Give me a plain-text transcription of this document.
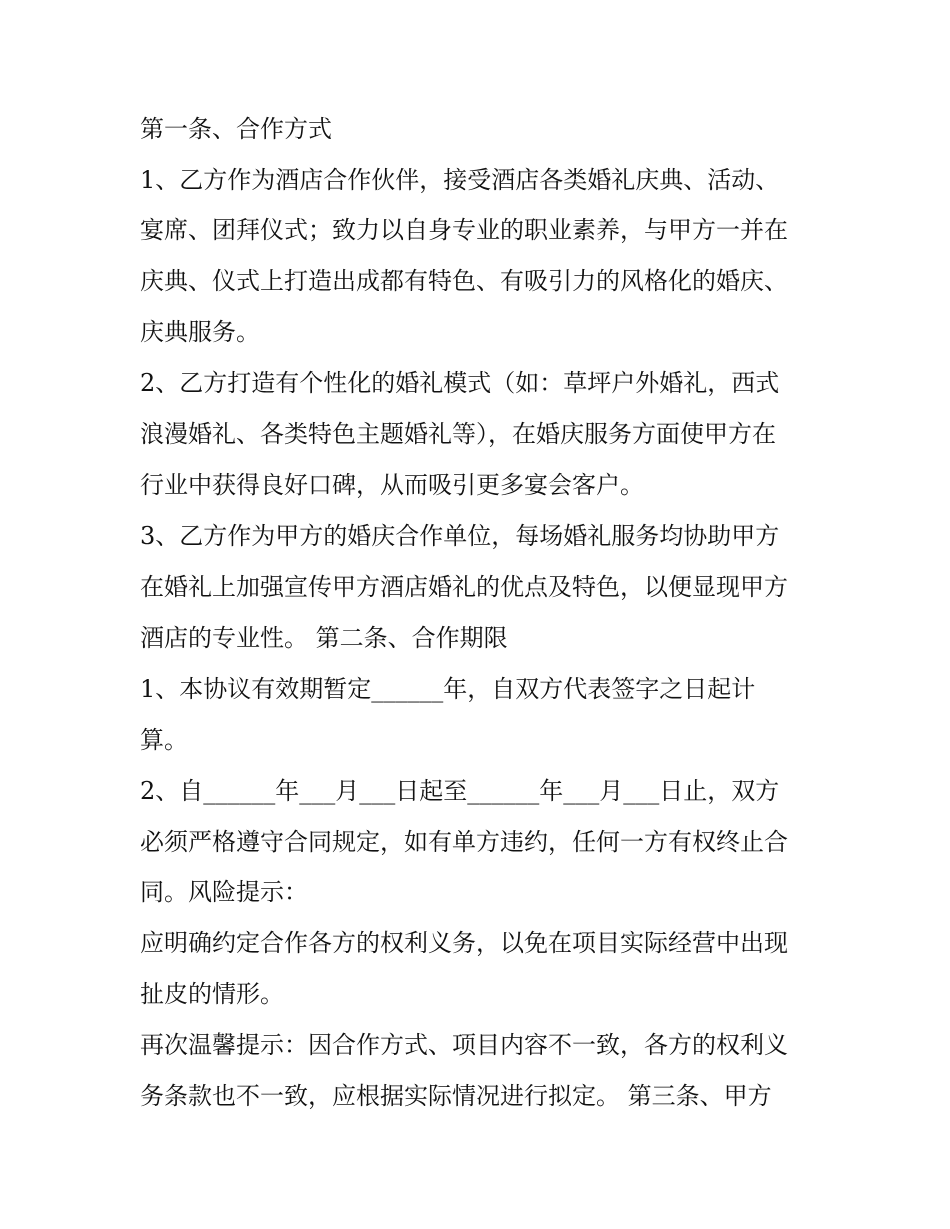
第一条、合作方式

1、乙方作为酒店合作伙伴，接受酒店各类婚礼庆典、活动、

宴席、团拜仪式；致力以自身专业的职业素养，与甲方一并在

庆典、仪式上打造出成都有特色、有吸引力的风格化的婚庆、

庆典服务。

2、乙方打造有个性化的婚礼模式（如：草坪户外婚礼，西式

浪漫婚礼、各类特色主题婚礼等），在婚庆服务方面使甲方在

行业中获得良好口碑，从而吸引更多宴会客户。

3、乙方作为甲方的婚庆合作单位，每场婚礼服务均协助甲方

在婚礼上加强宣传甲方酒店婚礼的优点及特色，以便显现甲方

酒店的专业性。 第二条、合作期限

1、本协议有效期暂定______年，自双方代表签字之日起计

算。

2、自______年___月___日起至______年___月___日止，双方

必须严格遵守合同规定，如有单方违约，任何一方有权终止合

同。风险提示：

应明确约定合作各方的权利义务，以免在项目实际经营中出现

扯皮的情形。

再次温馨提示：因合作方式、项目内容不一致，各方的权利义

务条款也不一致，应根据实际情况进行拟定。 第三条、甲方
